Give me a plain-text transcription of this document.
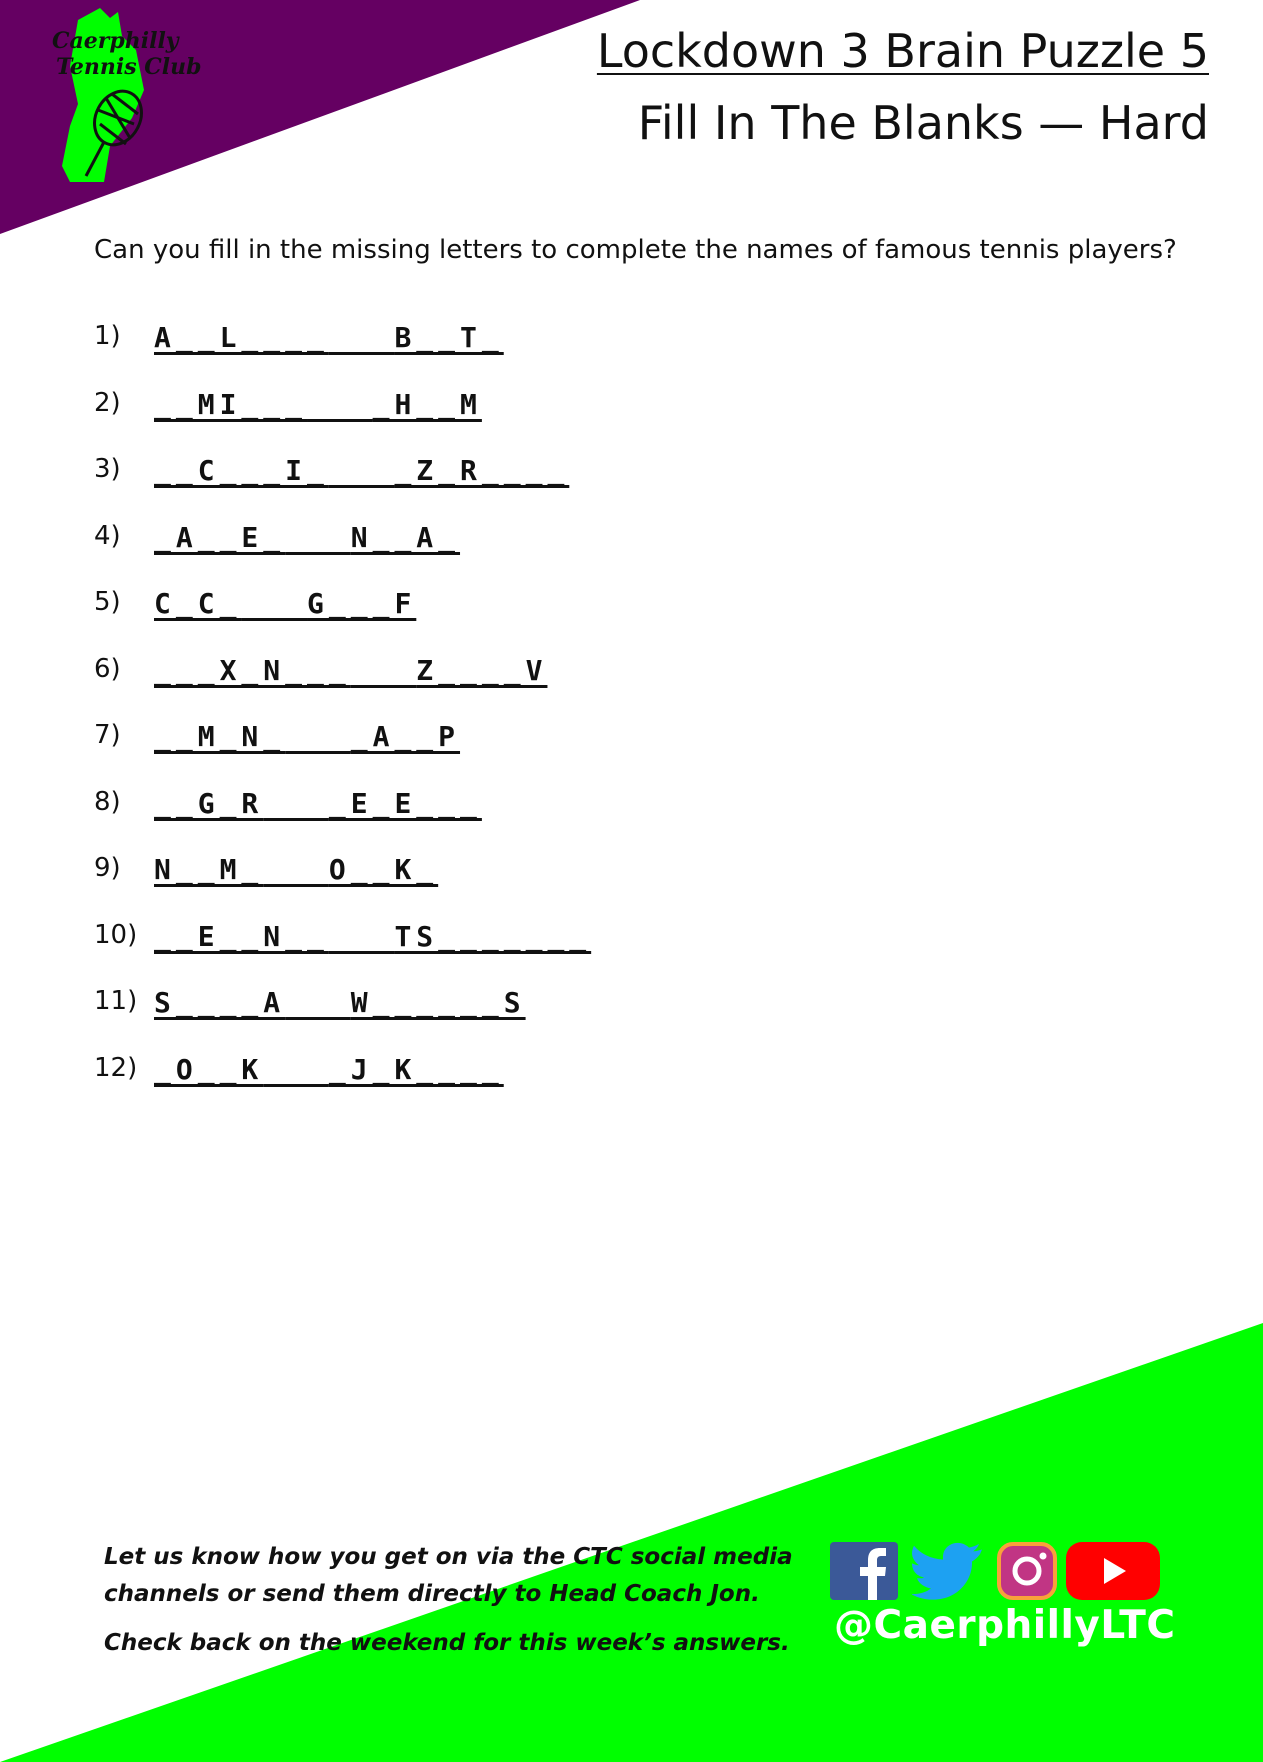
Caerphilly
Tennis Club	Lockdown 3 Brain Puzzle 5
Fill In The Blanks — Hard
Can you fill in the missing letters to complete the names of famous tennis players?
1)	A__L____ B__T_
2)	__MI___ _H__M
3)	__C___I_ _Z_R____
4)	_A__E_ N__A_
5)	C_C_ G___F
6)	___X_N___ Z____V
7)	__M_N_ _A__P
8)	__G_R _E_E___
9)	N__M_ O__K_
10) __E__N__ TS_______
11) S____A W______S
12) _O__K _J_K____
Let us know how you get on via the CTC social media
channels or send them directly to Head Coach Jon.
Check back on the weekend for this week’s answers.	@CaerphillyLTC
